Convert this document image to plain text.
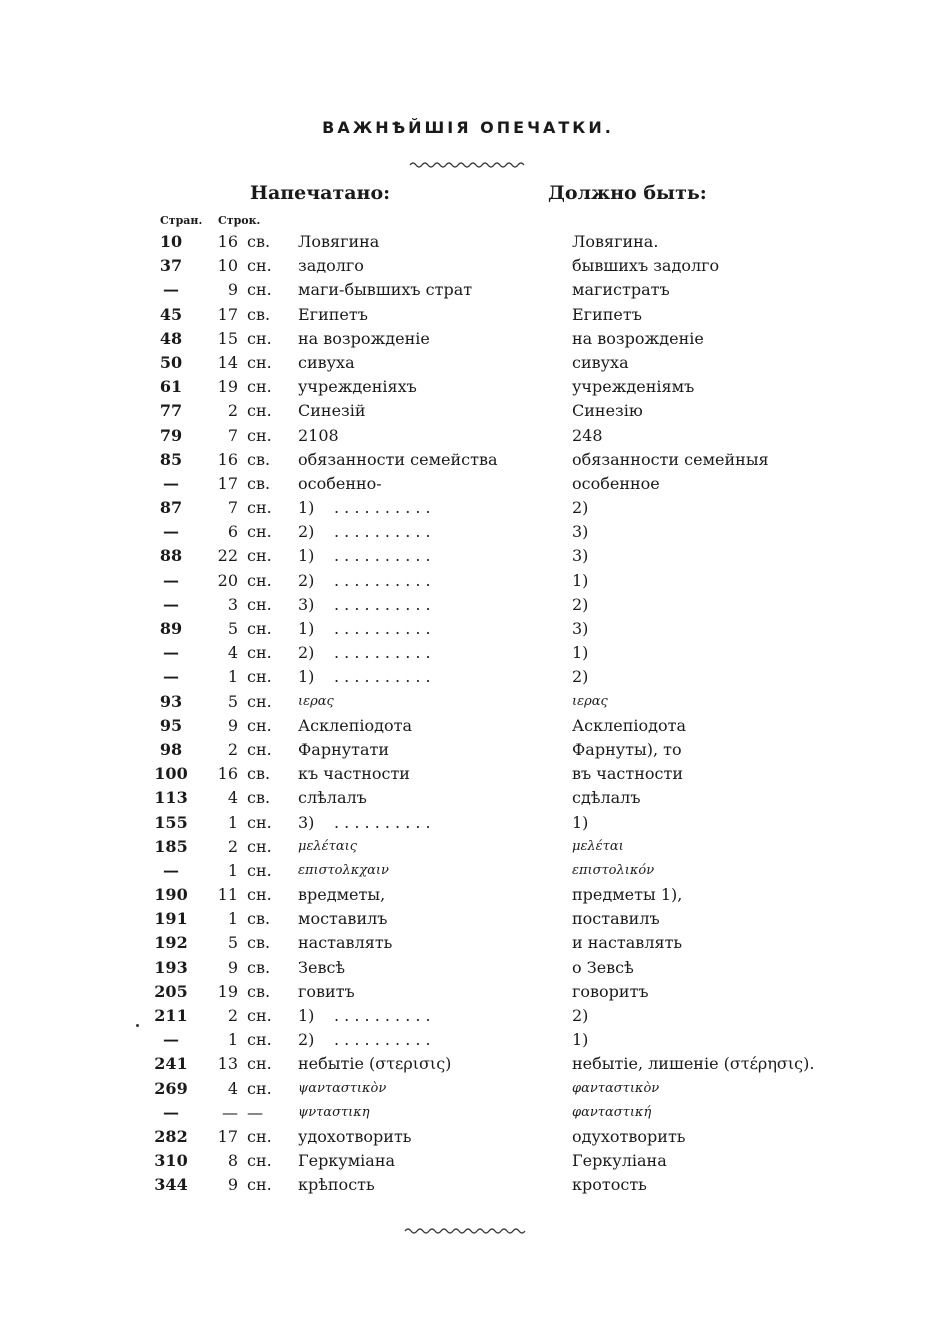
ВАЖНѢЙШІЯ ОПЕЧАТКИ.
Напечатано:	Должно быть:
Стран. Строк.
10	16 св. Ловягина	Ловягина.
37	10 сн. задолго	бывшихъ задолго
—	9 сн. маги-бывшихъ страт	магистратъ
45	17 св. Египетъ	Египетъ
48	15 сн. на возрожденіе	на возрожденіе
50	14 сн. сивуха	сивуха
61	19 сн. учрежденіяхъ	учрежденіямъ
77	2 сн. Синезій	Синезію
79	7 сн. 2108	248
85	16 св. обязанности семейства	обязанности семейныя
—	17 св. особенно-	особенное
87	7 сн. 1)	2)
. . . . . . . . . .
—	6 сн. 2)	3)
. . . . . . . . . .
88	22 сн. 1)	3)
. . . . . . . . . .
—	20 сн. 2)	1)
. . . . . . . . . .
—	3 сн. 3)	2)
. . . . . . . . . .
89	5 сн. 1)	3)
. . . . . . . . . .
—	4 сн. 2)	1)
. . . . . . . . . .
—	1 сн. 1)	2)
. . . . . . . . . .
93	5 сн. ιερας	ιερας
95	9 сн. Асклепіодота	Асклепіодота
98	2 сн. Фарнутати	Фарнуты), то
100	16 св. къ частности	въ частности
113	4 св. слѣлалъ	сдѣлалъ
155	1 сн. 3)	1)
. . . . . . . . . .
185	2 сн. μελέταις	μελέται
—	1 сн. επιστολκχαιν	επιστολικόν
190	11 сн. вредметы,	предметы 1),
191	1 св. моставилъ	поставилъ
192	5 св. наставлять	и наставлять
193	9 св. Зевсѣ	о Зевсѣ
205	19 св. говитъ	говоритъ
211	2 сн. 1)	2)
. . . . . . . . . .
—	1 сн. 2)	1)
. . . . . . . . . .
241	13 сн. небытіе (στερισις)	небытіе, лишеніе (στέρησις).
269	4 сн. ψανταστικὸν	φανταστικὸν
—	— —	ψνταστικη	φανταστική
282	17 сн. удохотворить	одухотворить
310	8 сн. Геркуміана	Геркуліана
344	9 сн. крѣпость	кротость
